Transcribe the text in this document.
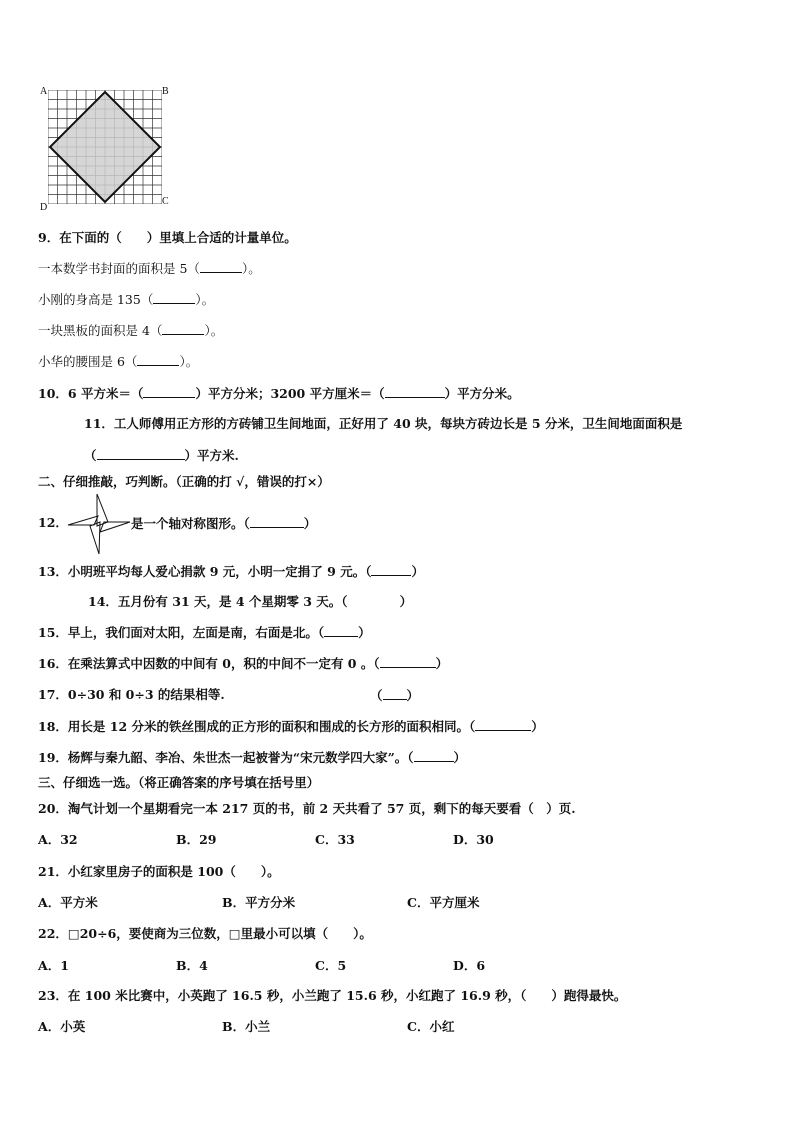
A	B
C
D
9．在下面的（　　）里填上合适的计量单位。
一本数学书封面的面积是 5（	）。
小刚的身高是 135（	）。
一块黑板的面积是 4（	）。
小华的腰围是 6（	）。
10．6 平方米＝（	）平方分米；3200 平方厘米＝（	）平方分米。
11．工人师傅用正方形的方砖铺卫生间地面，正好用了 40 块，每块方砖边长是 5 分米，卫生间地面面积是
（	）平方米.
二、仔细推敲，巧判断。（正确的打 √，错误的打×）
12．	是一个轴对称图形。（	）
13．小明班平均每人爱心捐款 9 元，小明一定捐了 9 元。（	）
14．五月份有 31 天，是 4 个星期零 3 天。（	）
15．早上，我们面对太阳，左面是南，右面是北。（	）
16．在乘法算式中因数的中间有 0，积的中间不一定有 0 。（	）
17．0÷30 和 0÷3 的结果相等.	（ ）
18．用长是 12 分米的铁丝围成的正方形的面积和围成的长方形的面积相同。（	）
19．杨辉与秦九韶、李冶、朱世杰一起被誉为“宋元数学四大家”。（	）
三、仔细选一选。（将正确答案的序号填在括号里）
20．淘气计划一个星期看完一本 217 页的书，前 2 天共看了 57 页，剩下的每天要看（　）页.
A．32	B．29	C．33	D．30
21．小红家里房子的面积是 100（　　）。
A．平方米	B．平方分米	C．平方厘米
22．□20÷6，要使商为三位数，□里最小可以填（　　）。
A．1	B．4	C．5	D．6
23．在 100 米比赛中，小英跑了 16.5 秒，小兰跑了 15.6 秒，小红跑了 16.9 秒，（　　）跑得最快。
A．小英	B．小兰	C．小红
